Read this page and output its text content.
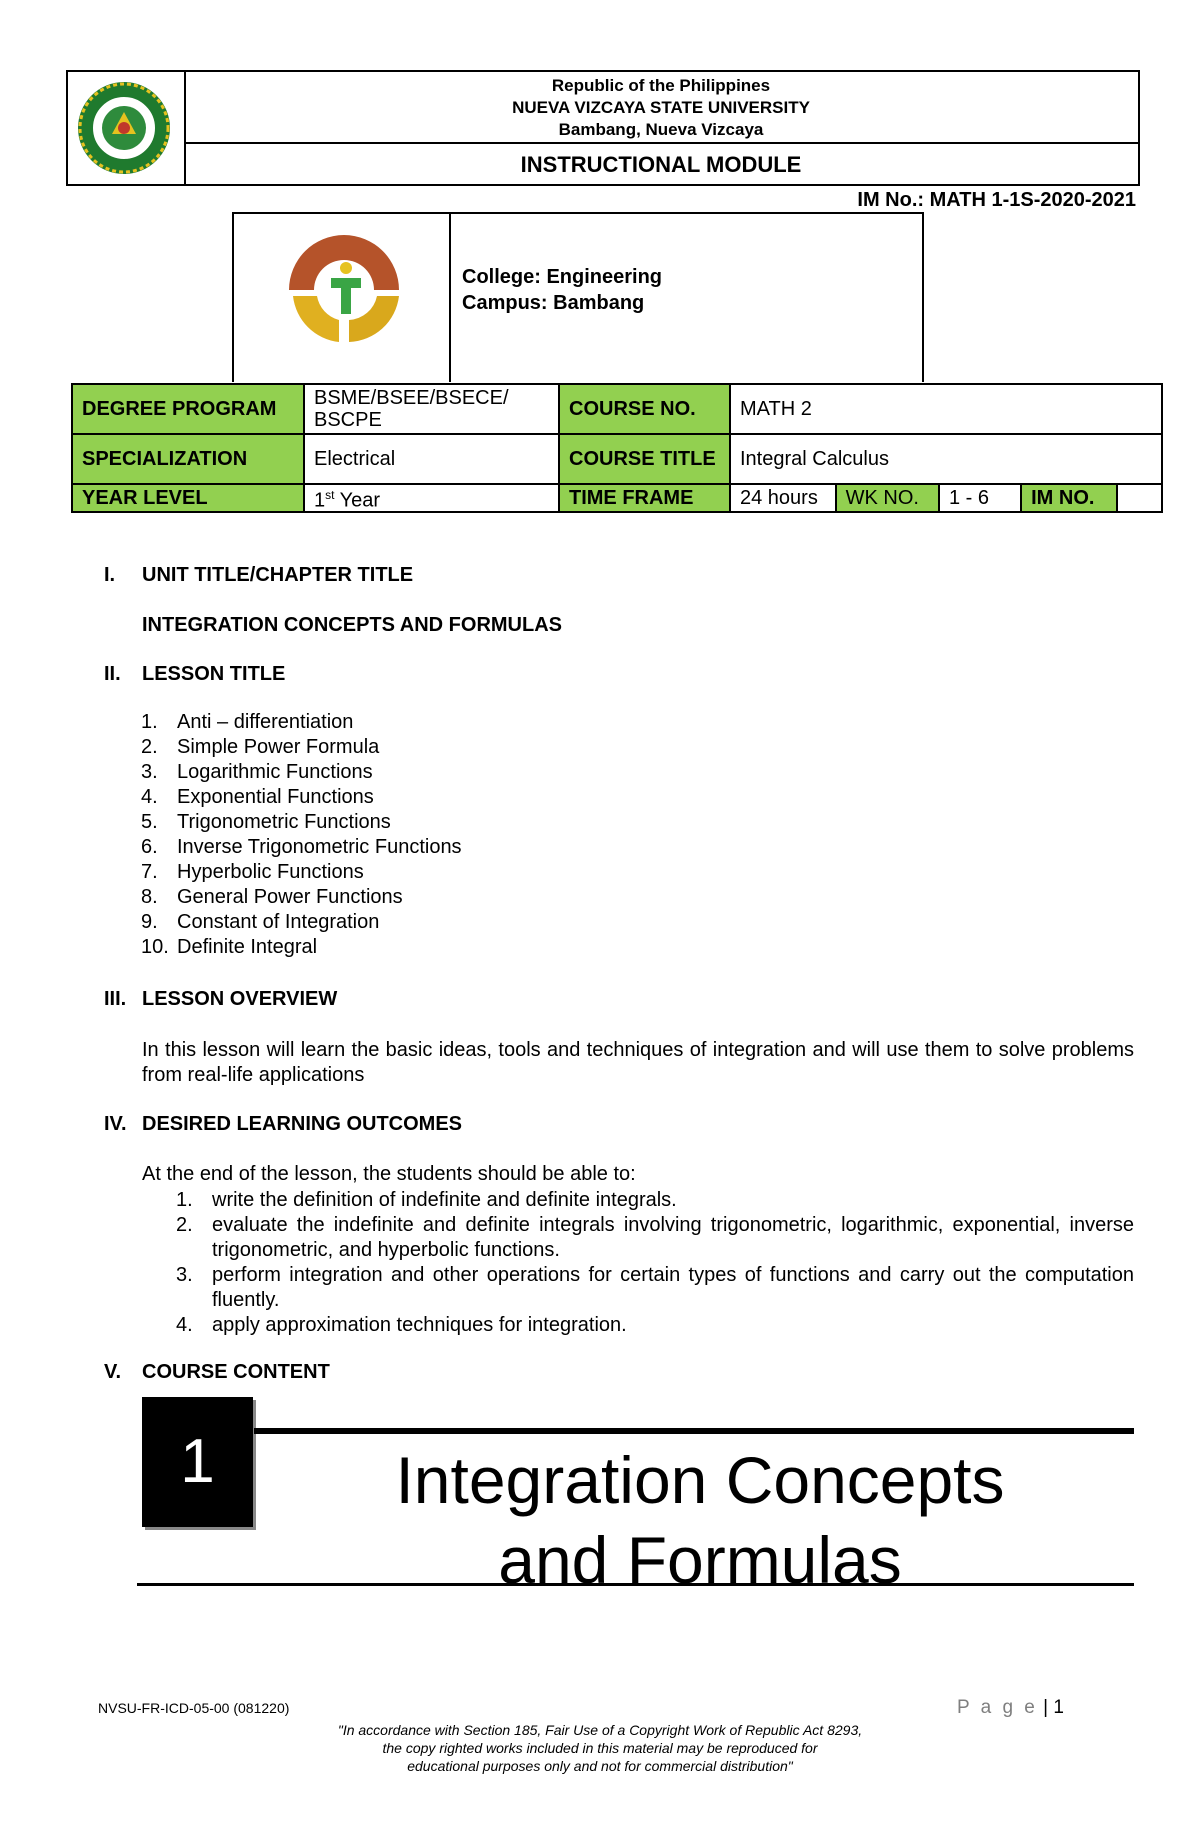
Republic of the Philippines
NUEVA VIZCAYA STATE UNIVERSITY
Bambang, Nueva Vizcaya
INSTRUCTIONAL MODULE
IM No.: MATH 1-1S-2020-2021
College: Engineering
Campus: Bambang
DEGREE PROGRAM	BSME/BSEE/BSECE/ BSCPE	COURSE NO.	MATH 2				
SPECIALIZATION	Electrical	COURSE TITLE	Integral Calculus				
YEAR LEVEL	1st Year	TIME FRAME	24 hours	WK NO.	1 - 6	IM NO.	
I. UNIT TITLE/CHAPTER TITLE
INTEGRATION CONCEPTS AND FORMULAS
II. LESSON TITLE
1. Anti – differentiation
2. Simple Power Formula
3. Logarithmic Functions
4. Exponential Functions
5. Trigonometric Functions
6. Inverse Trigonometric Functions
7. Hyperbolic Functions
8. General Power Functions
9. Constant of Integration
10. Definite Integral
III. LESSON OVERVIEW
In this lesson will learn the basic ideas, tools and techniques of integration and will use them to solve problems from real-life applications
IV. DESIRED LEARNING OUTCOMES
At the end of the lesson, the students should be able to:
1. write the definition of indefinite and definite integrals.
2. evaluate the indefinite and definite integrals involving trigonometric, logarithmic, exponential, inverse trigonometric, and hyperbolic functions.
3. perform integration and other operations for certain types of functions and carry out the computation fluently.
4. apply approximation techniques for integration.
V. COURSE CONTENT
1	Integration Concepts
and Formulas
NVSU-FR-ICD-05-00 (081220)	P a g e | 1
"In accordance with Section 185, Fair Use of a Copyright Work of Republic Act 8293,
the copy righted works included in this material may be reproduced for
educational purposes only and not for commercial distribution"
